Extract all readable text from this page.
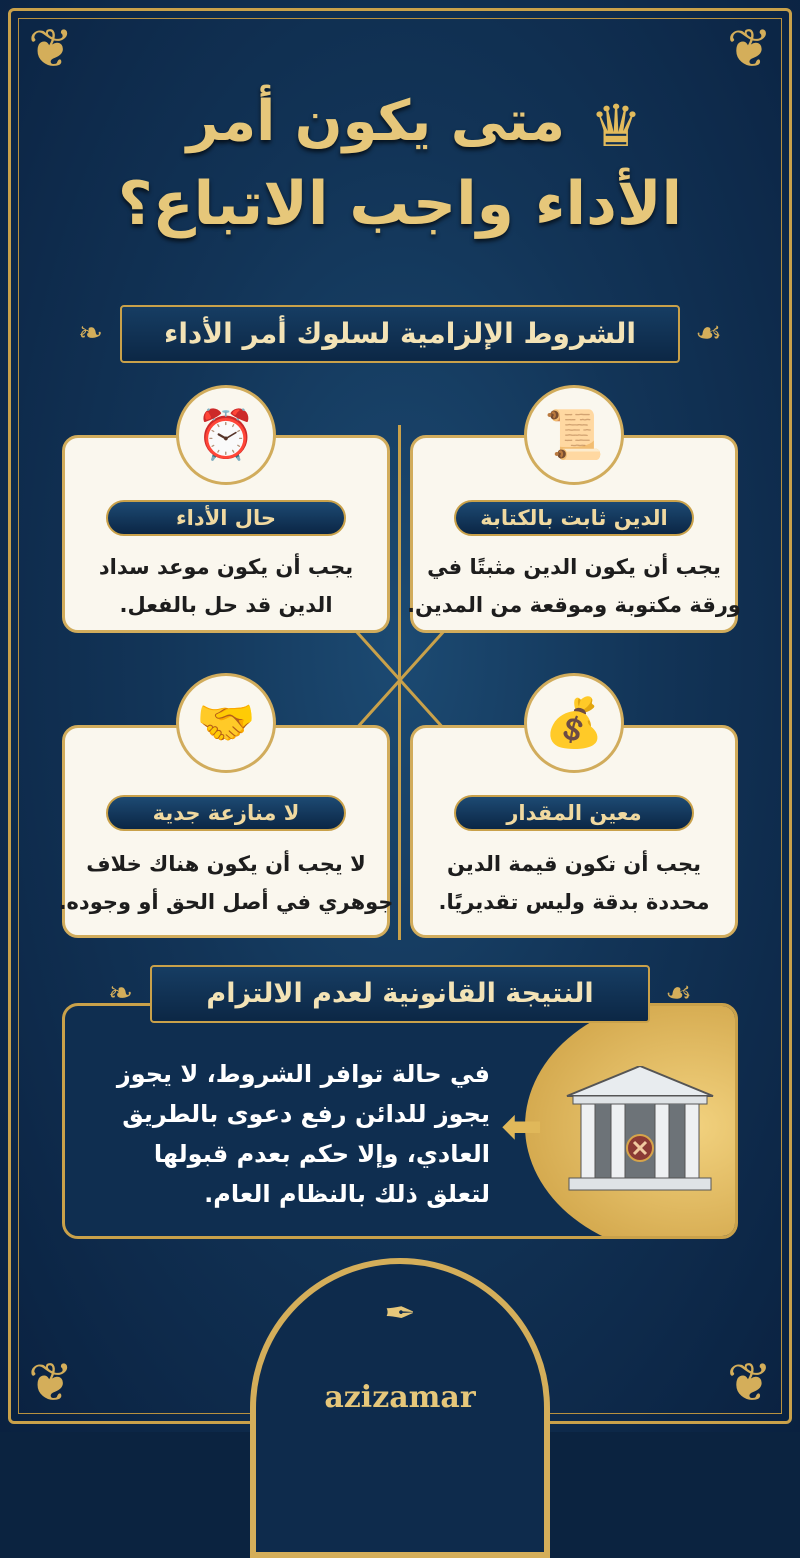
❦	❦
❦	❦
متى يكون أمر ♛
الأداء واجب الاتباع؟
❧	☙
الشروط الإلزامية لسلوك أمر الأداء
📜
الدين ثابت بالكتابة
يجب أن يكون الدين مثبتًا في
ورقة مكتوبة وموقعة من المدين.
⏰
حال الأداء
يجب أن يكون موعد سداد
الدين قد حل بالفعل.
💰
معين المقدار
يجب أن تكون قيمة الدين
محددة بدقة وليس تقديريًا.
🤝
لا منازعة جدية
لا يجب أن يكون هناك خلاف
جوهري في أصل الحق أو وجوده.
في حالة توافر الشروط، لا يجوز
يجوز للدائن رفع دعوى بالطريق
العادي، وإلا حكم بعدم قبولها
لتعلق ذلك بالنظام العام.
⬅
❧	☙
النتيجة القانونية لعدم الالتزام
✒
azizamar
